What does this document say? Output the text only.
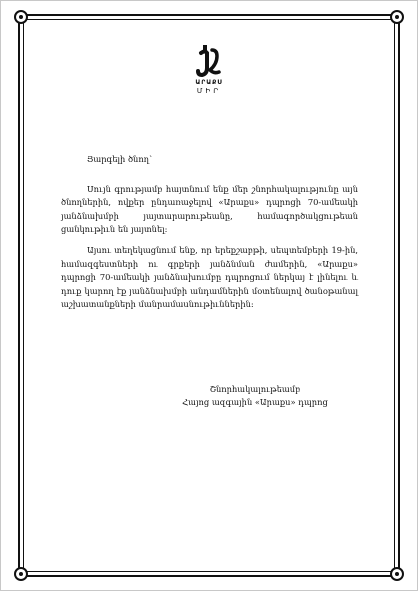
ԱՐԱՔՍ
ՄԻՐ

Յարգելի ծնող՝

Սույն գրությամբ հայտնում ենք մեր շնորհակալությունը այն ծնողներին, ովքեր ընդառաջելով «Արաքս» դպրոցի 70-ամեակի յանձնախմբի յայտարարութեանը, համագործակցութեան ցանկութիւն են յայտնել:

Այսու տեղեկացնում ենք, որ երեքշաբթի, սեպտեմբերի 19-ին, համազգեստների ու գրքերի յանձնման ժամերին, «Արաքս» դպրոցի 70-ամեակի յանձնախումբը դպրոցում ներկայ է լինելու և դուք կարող էք յանձնախմբի անդամներին մօտենալով ծանօթանալ աշխատանքների մանրամասնութիւններին:

Շնորհակալութեամբ
Հայոց ազգային «Արաքս» դպրոց
